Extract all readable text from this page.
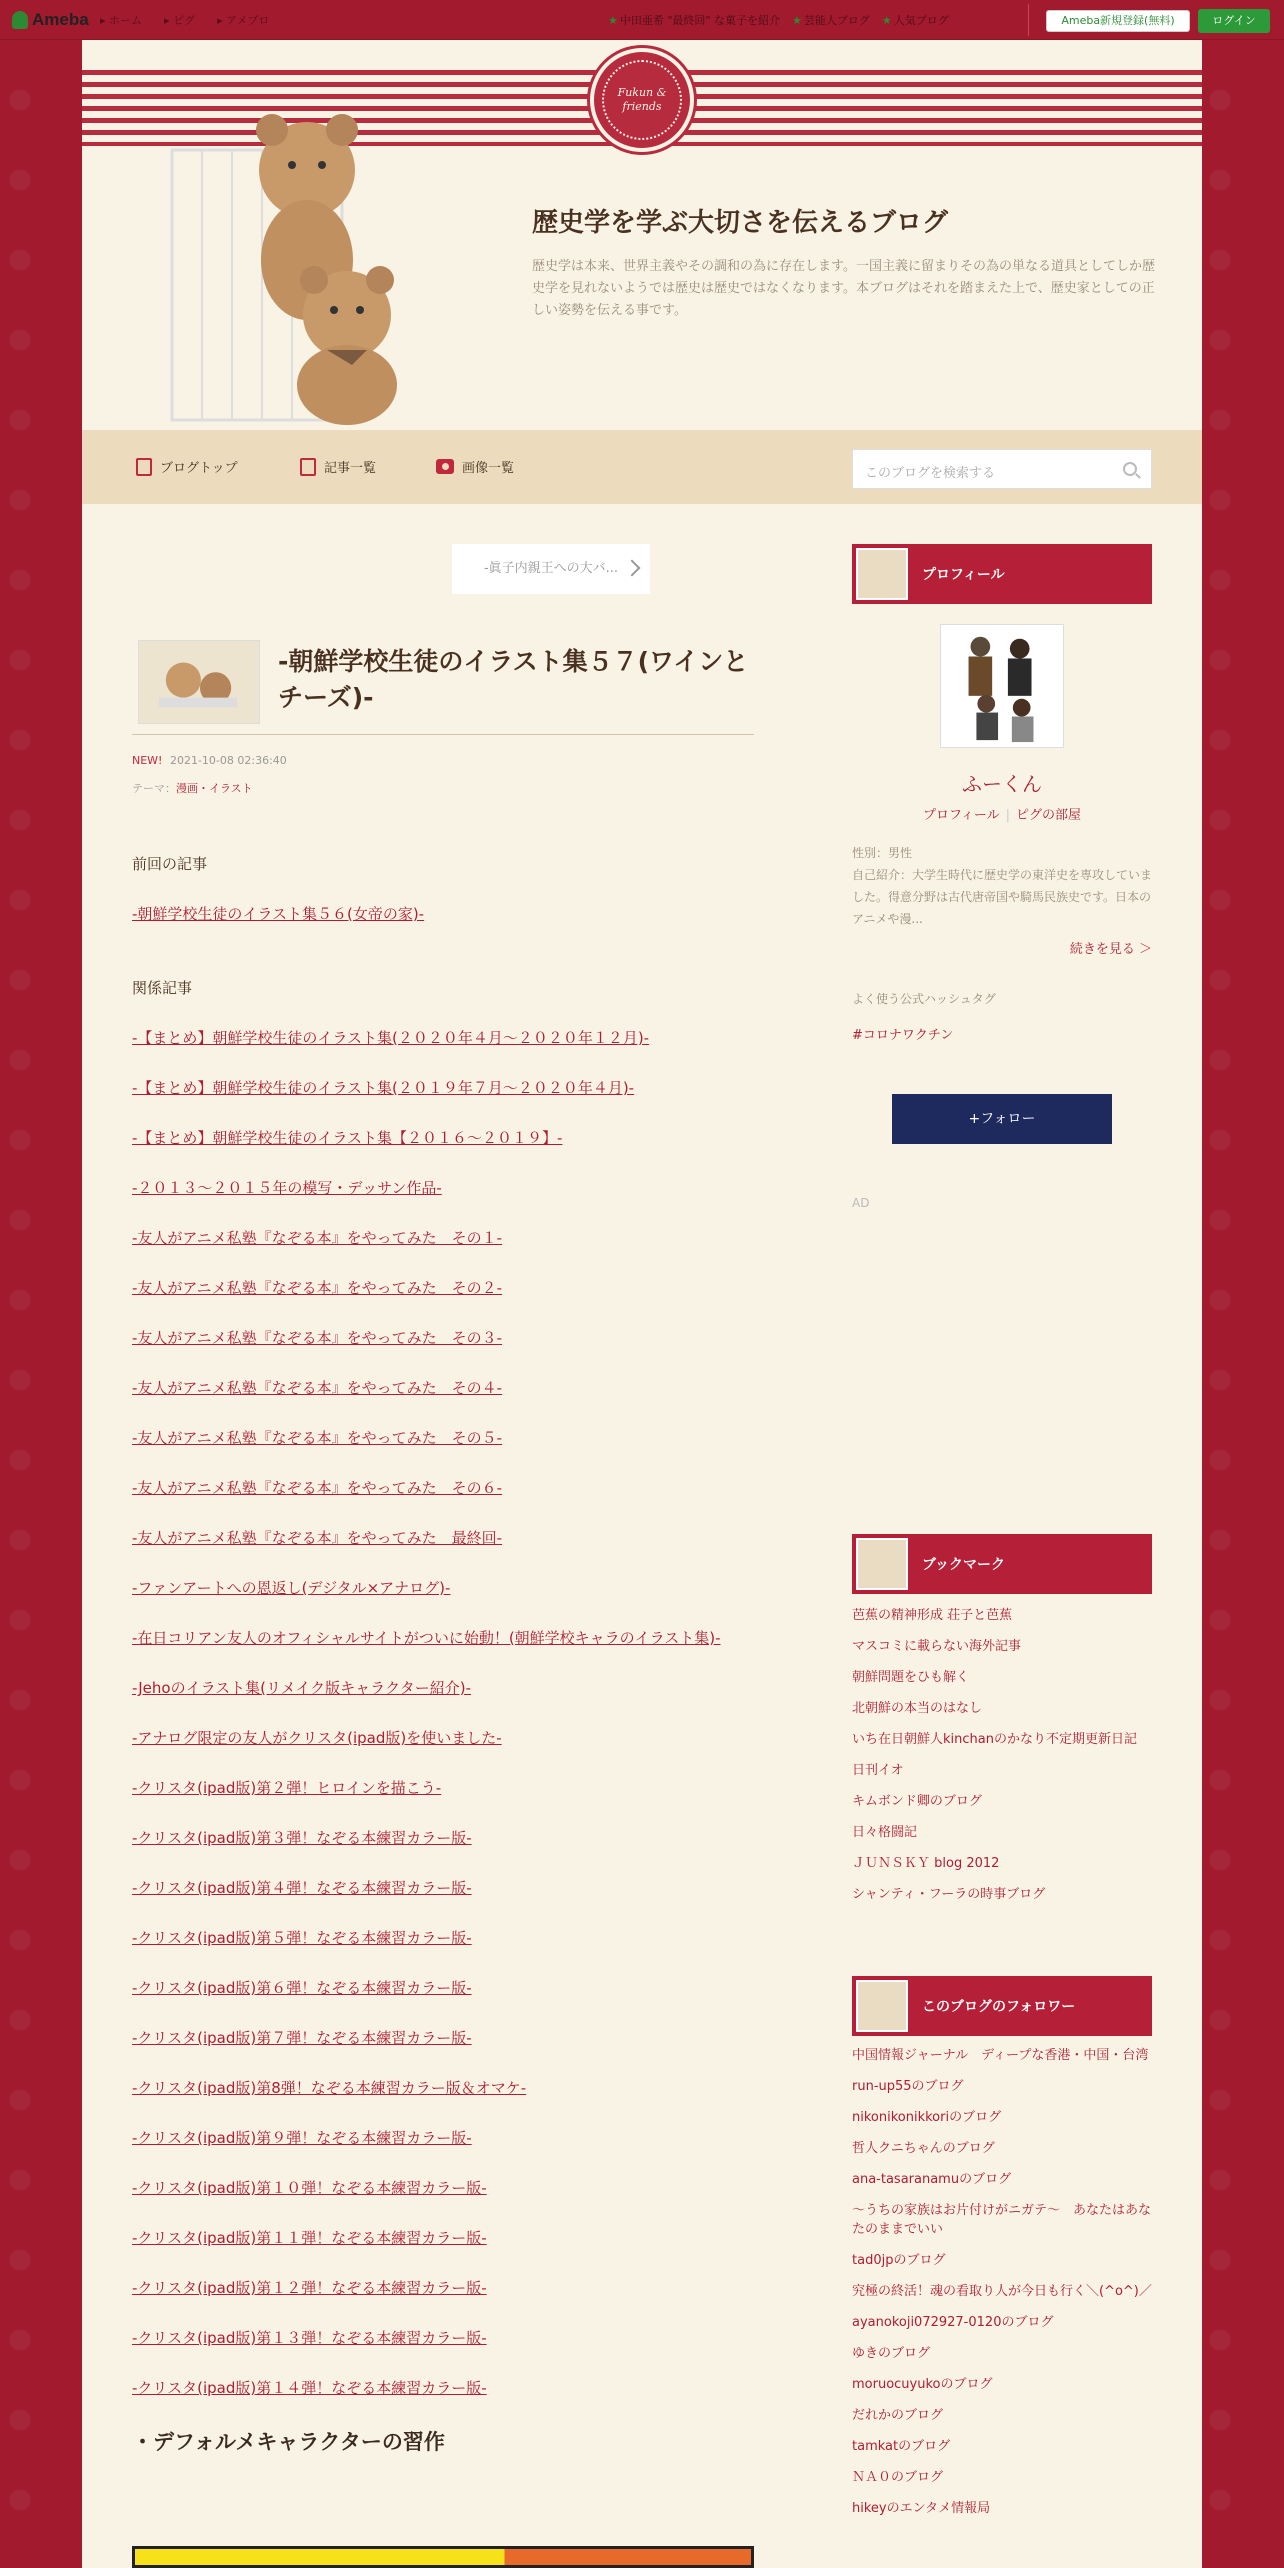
Ameba	▸ ホーム	▸ ピグ	▸ アメブロ	★ 中田亜希 "最終回" な菓子を紹介	★ 芸能人ブログ	★ 人気ブログ	Ameba新規登録(無料)	ログイン
Fukun & friends
歴史学を学ぶ大切さを伝えるブログ
歴史学は本来、世界主義やその調和の為に存在します。一国主義に留まりその為の単なる道具としてしか歴史学を見れないようでは歴史は歴史ではなくなります。本ブログはそれを踏まえた上で、歴史家としての正しい姿勢を伝える事です。
ブログトップ	記事一覧	画像一覧	このブログを検索する
-眞子内親王への大バ...
-朝鮮学校生徒のイラスト集５７(ワインとチーズ)-
NEW! 2021-10-08 02:36:40
テーマ：漫画・イラスト
前回の記事
-朝鮮学校生徒のイラスト集５６(女帝の家)-
関係記事
-【まとめ】朝鮮学校生徒のイラスト集(２０２０年４月～２０２０年１２月)-
-【まとめ】朝鮮学校生徒のイラスト集(２０１９年７月～２０２０年４月)-
-【まとめ】朝鮮学校生徒のイラスト集【２０１６～２０１９】-
-２０１３～２０１５年の模写・デッサン作品-
-友人がアニメ私塾『なぞる本』をやってみた　その１-
-友人がアニメ私塾『なぞる本』をやってみた　その２-
-友人がアニメ私塾『なぞる本』をやってみた　その３-
-友人がアニメ私塾『なぞる本』をやってみた　その４-
-友人がアニメ私塾『なぞる本』をやってみた　その５-
-友人がアニメ私塾『なぞる本』をやってみた　その６-
-友人がアニメ私塾『なぞる本』をやってみた　最終回-
-ファンアートへの恩返し(デジタル×アナログ)-
-在日コリアン友人のオフィシャルサイトがついに始動！(朝鮮学校キャラのイラスト集)-
-Jehoのイラスト集(リメイク版キャラクター紹介)-
-アナログ限定の友人がクリスタ(ipad版)を使いました-
-クリスタ(ipad版)第２弾！ヒロインを描こう-
-クリスタ(ipad版)第３弾！なぞる本練習カラー版-
-クリスタ(ipad版)第４弾！なぞる本練習カラー版-
-クリスタ(ipad版)第５弾！なぞる本練習カラー版-
-クリスタ(ipad版)第６弾！なぞる本練習カラー版-
-クリスタ(ipad版)第７弾！なぞる本練習カラー版-
-クリスタ(ipad版)第8弾！なぞる本練習カラー版＆オマケ-
-クリスタ(ipad版)第９弾！なぞる本練習カラー版-
-クリスタ(ipad版)第１０弾！なぞる本練習カラー版-
-クリスタ(ipad版)第１１弾！なぞる本練習カラー版-
-クリスタ(ipad版)第１２弾！なぞる本練習カラー版-
-クリスタ(ipad版)第１３弾！なぞる本練習カラー版-
-クリスタ(ipad版)第１４弾！なぞる本練習カラー版-
・デフォルメキャラクターの習作
プロフィール
ふーくん
プロフィール | ピグの部屋
性別：男性
自己紹介：大学生時代に歴史学の東洋史を専攻していました。得意分野は古代唐帝国や騎馬民族史です。日本のアニメや漫...
続きを見る ＞
よく使う公式ハッシュタグ
#コロナワクチン
+フォロー
AD
ブックマーク
芭蕉の精神形成 荘子と芭蕉
マスコミに載らない海外記事
朝鮮問題をひも解く
北朝鮮の本当のはなし
いち在日朝鮮人kinchanのかなり不定期更新日記
日刊イオ
キムボンド卿のブログ
日々格闘記
ＪＵＮＳＫＹ blog 2012
シャンティ・フーラの時事ブログ
このブログのフォロワー
中国情報ジャーナル　ディープな香港・中国・台湾
run-up55のブログ
nikonikonikkoriのブログ
哲人クニちゃんのブログ
ana-tasaranamuのブログ
～うちの家族はお片付けがニガテ～　あなたはあなたのままでいい
tad0jpのブログ
究極の終活！魂の看取り人が今日も行く＼(^o^)／
ayanokoji072927-0120のブログ
ゆきのブログ
moruocuyukoのブログ
だれかのブログ
tamkatのブログ
ＮＡ０のブログ
hikeyのエンタメ情報局
